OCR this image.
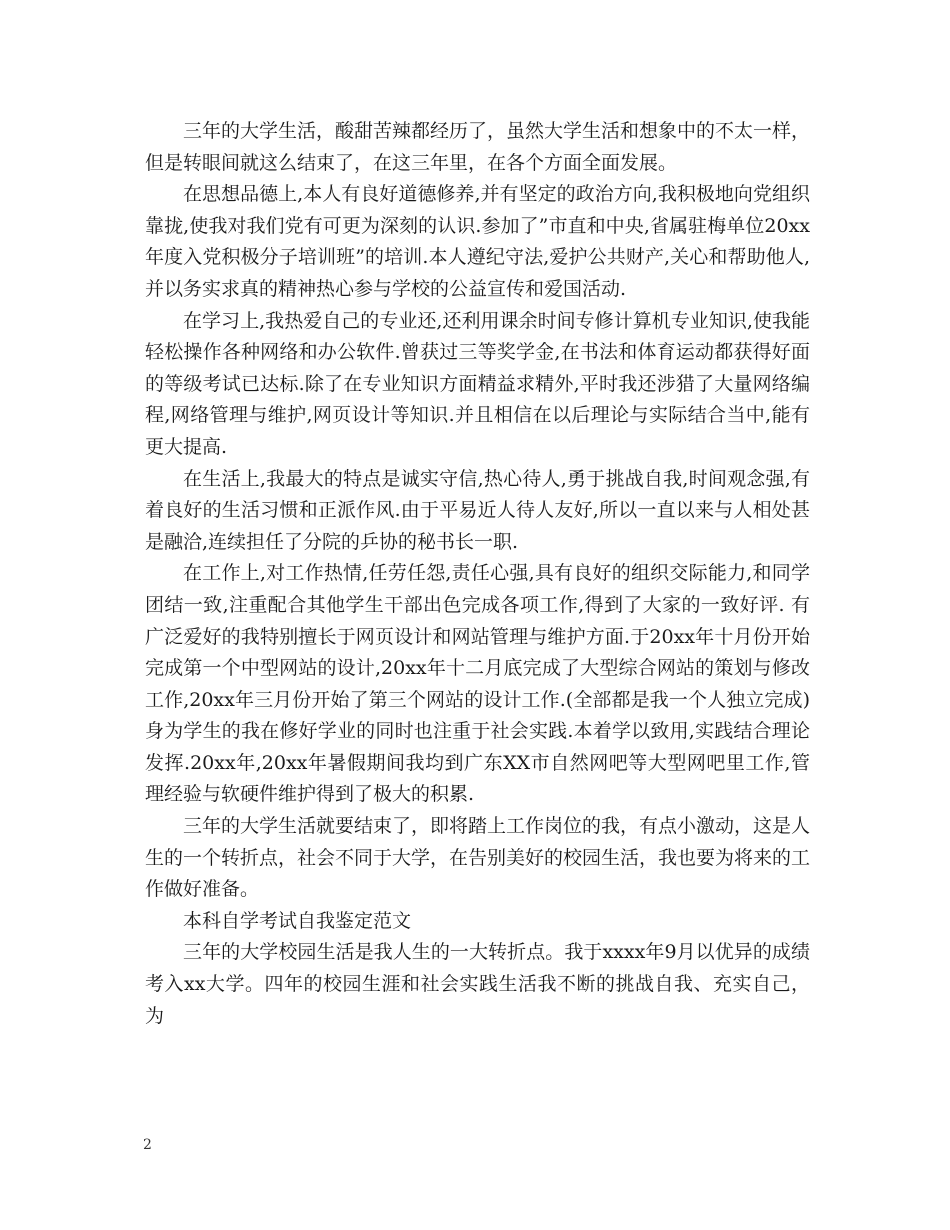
三年的大学生活，酸甜苦辣都经历了，虽然大学生活和想象中的不太一样，但是转眼间就这么结束了，在这三年里，在各个方面全面发展。

在思想品德上,本人有良好道德修养,并有坚定的政治方向,我积极地向党组织靠拢,使我对我们党有可更为深刻的认识.参加了”市直和中央,省属驻梅单位20xx年度入党积极分子培训班”的培训.本人遵纪守法,爱护公共财产,关心和帮助他人,并以务实求真的精神热心参与学校的公益宣传和爱国活动.

在学习上,我热爱自己的专业还,还利用课余时间专修计算机专业知识,使我能轻松操作各种网络和办公软件.曾获过三等奖学金,在书法和体育运动都获得好面的等级考试已达标.除了在专业知识方面精益求精外,平时我还涉猎了大量网络编程,网络管理与维护,网页设计等知识.并且相信在以后理论与实际结合当中,能有更大提高.

在生活上,我最大的特点是诚实守信,热心待人,勇于挑战自我,时间观念强,有着良好的生活习惯和正派作风.由于平易近人待人友好,所以一直以来与人相处甚是融洽,连续担任了分院的乒协的秘书长一职.

在工作上,对工作热情,任劳任怨,责任心强,具有良好的组织交际能力,和同学团结一致,注重配合其他学生干部出色完成各项工作,得到了大家的一致好评. 有广泛爱好的我特别擅长于网页设计和网站管理与维护方面.于20xx年十月份开始完成第一个中型网站的设计,20xx年十二月底完成了大型综合网站的策划与修改工作,20xx年三月份开始了第三个网站的设计工作.(全部都是我一个人独立完成)身为学生的我在修好学业的同时也注重于社会实践.本着学以致用,实践结合理论发挥.20xx年,20xx年暑假期间我均到广东XX市自然网吧等大型网吧里工作,管理经验与软硬件维护得到了极大的积累.

三年的大学生活就要结束了，即将踏上工作岗位的我，有点小激动，这是人生的一个转折点，社会不同于大学，在告别美好的校园生活，我也要为将来的工作做好准备。

本科自学考试自我鉴定范文

三年的大学校园生活是我人生的一大转折点。我于xxxx年9月以优异的成绩考入xx大学。四年的校园生涯和社会实践生活我不断的挑战自我、充实自己，为

2
